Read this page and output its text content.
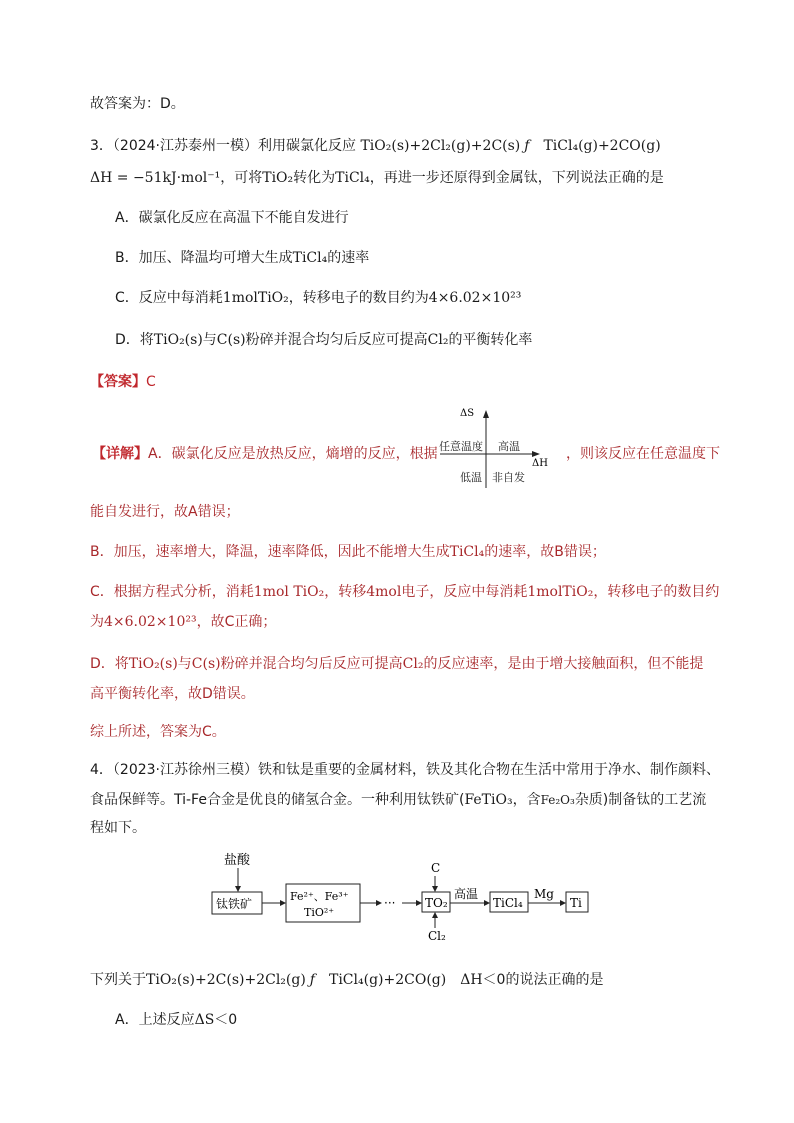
故答案为：D。
3．（2024·江苏泰州一模）利用碳氯化反应 TiO₂(s)+2Cl₂(g)+2C(s) ƒ TiCl₄(g)+2CO(g)
ΔH = −51kJ·mol⁻¹，可将TiO₂转化为TiCl₄，再进一步还原得到金属钛，下列说法正确的是
A．碳氯化反应在高温下不能自发进行
B．加压、降温均可增大生成TiCl₄的速率
C．反应中每消耗1molTiO₂，转移电子的数目约为4×6.02×10²³
D．将TiO₂(s)与C(s)粉碎并混合均匀后反应可提高Cl₂的平衡转化率
【答案】C
【详解】A．碳氯化反应是放热反应，熵增的反应，根据
ΔS
ΔH
任意温度 高温
低温 非自发
，则该反应在任意温度下
能自发进行，故A错误；
B．加压，速率增大，降温，速率降低，因此不能增大生成TiCl₄的速率，故B错误；
C．根据方程式分析，消耗1mol TiO₂，转移4mol电子，反应中每消耗1molTiO₂，转移电子的数目约
为4×6.02×10²³，故C正确；
D．将TiO₂(s)与C(s)粉碎并混合均匀后反应可提高Cl₂的反应速率，是由于增大接触面积，但不能提
高平衡转化率，故D错误。
综上所述，答案为C。
4．（2023·江苏徐州三模）铁和钛是重要的金属材料，铁及其化合物在生活中常用于净水、制作颜料、
食品保鲜等。Ti-Fe合金是优良的储氢合金。一种利用钛铁矿(FeTiO₃，含Fe₂O₃杂质)制备钛的工艺流
程如下。
盐酸
钛铁矿
Fe²⁺、Fe³⁺
TiO²⁺
···
C
TO₂
Cl₂
高温
TiCl₄
Mg
Ti
下列关于TiO₂(s)+2C(s)+2Cl₂(g) ƒ TiCl₄(g)+2CO(g) ΔH＜0的说法正确的是
A．上述反应ΔS＜0
